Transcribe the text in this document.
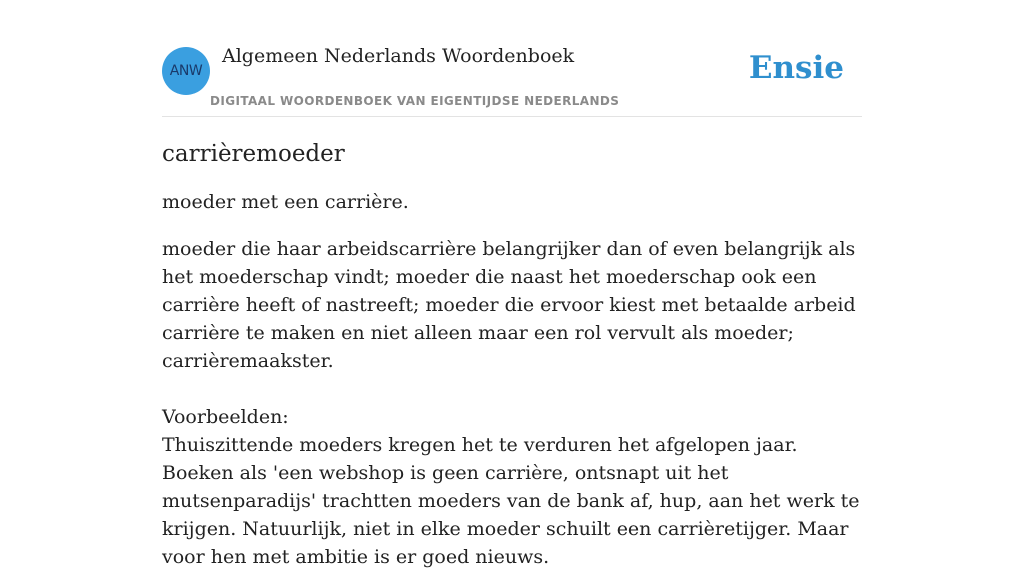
ANW
Algemeen Nederlands Woordenboek
DIGITAAL WOORDENBOEK VAN EIGENTIJDSE NEDERLANDS
Ensie
carrièremoeder

moeder met een carrière.

moeder die haar arbeidscarrière belangrijker dan of even belangrijk als het moederschap vindt; moeder die naast het moederschap ook een carrière heeft of nastreeft; moeder die ervoor kiest met betaalde arbeid carrière te maken en niet alleen maar een rol vervult als moeder; carrièremaakster.

Voorbeelden:
Thuiszittende moeders kregen het te verduren het afgelopen jaar. Boeken als 'een webshop is geen carrière, ontsnapt uit het mutsenparadijs' trachtten moeders van de bank af, hup, aan het werk te krijgen. Natuurlijk, niet in elke moeder schuilt een carrièretijger. Maar voor hen met ambitie is er goed nieuws.
